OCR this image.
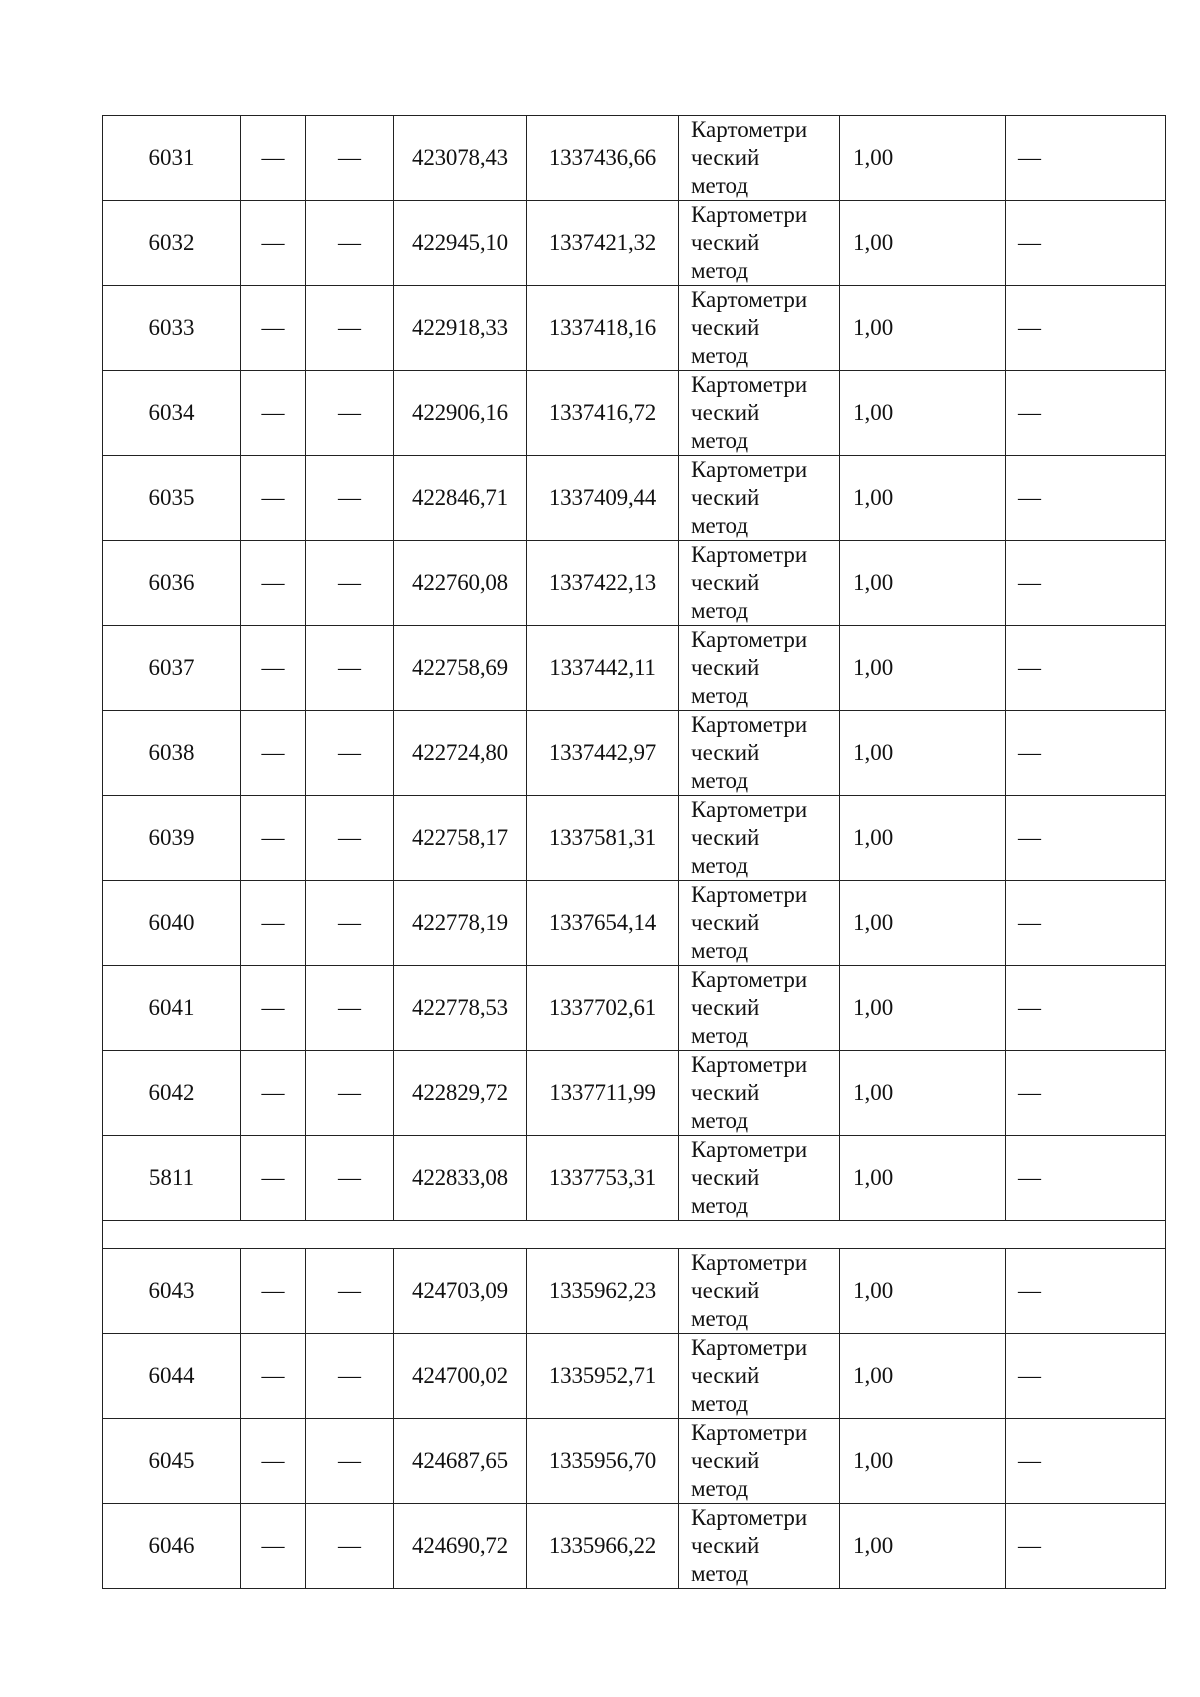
6031	—	—	423078,43	1337436,66	Картометри
ческий
метод	1,00	—
6032	—	—	422945,10	1337421,32	Картометри
ческий
метод	1,00	—
6033	—	—	422918,33	1337418,16	Картометри
ческий
метод	1,00	—
6034	—	—	422906,16	1337416,72	Картометри
ческий
метод	1,00	—
6035	—	—	422846,71	1337409,44	Картометри
ческий
метод	1,00	—
6036	—	—	422760,08	1337422,13	Картометри
ческий
метод	1,00	—
6037	—	—	422758,69	1337442,11	Картометри
ческий
метод	1,00	—
6038	—	—	422724,80	1337442,97	Картометри
ческий
метод	1,00	—
6039	—	—	422758,17	1337581,31	Картометри
ческий
метод	1,00	—
6040	—	—	422778,19	1337654,14	Картометри
ческий
метод	1,00	—
6041	—	—	422778,53	1337702,61	Картометри
ческий
метод	1,00	—
6042	—	—	422829,72	1337711,99	Картометри
ческий
метод	1,00	—
5811	—	—	422833,08	1337753,31	Картометри
ческий
метод	1,00	—

6043	—	—	424703,09	1335962,23	Картометри
ческий
метод	1,00	—
6044	—	—	424700,02	1335952,71	Картометри
ческий
метод	1,00	—
6045	—	—	424687,65	1335956,70	Картометри
ческий
метод	1,00	—
6046	—	—	424690,72	1335966,22	Картометри
ческий
метод	1,00	—
